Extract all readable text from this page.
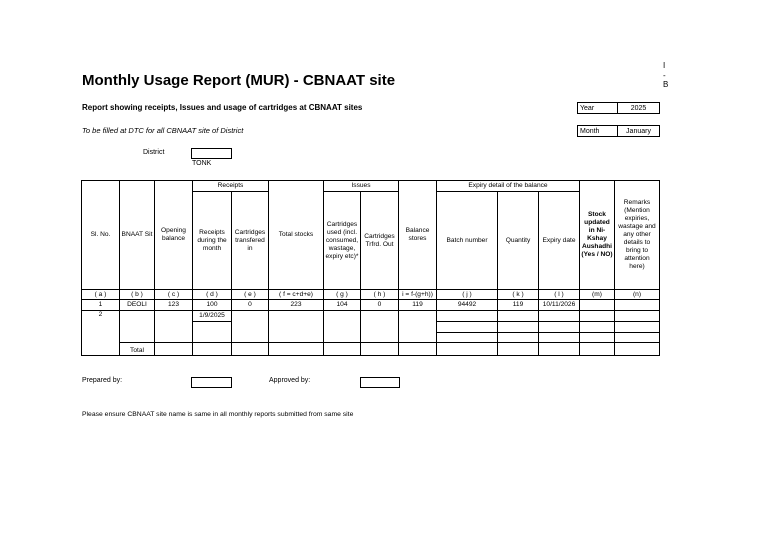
I
-
B
Monthly Usage Report (MUR) - CBNAAT site
Report showing receipts, Issues and usage of cartridges at CBNAAT sites
To be filled at DTC for all CBNAAT site of District
Year	2025
Month	January
District
TONK
Sl. No.	BNAAT Sit	Opening balance	Receipts		Total stocks	Issues		Balance stores	Expiry detail of the balance			Stock updated in Ni-Kshay Aushadhi (Yes / NO)	Remarks (Mention expiries, wastage and any other details to bring to attention here)
			Receipts during the month	Cartridges transfered in		Cartridges used (incl. consumed, wastage, expiry etc)*	Cartridges Trfrd. Out		Batch number	Quantity	Expiry date		
( a )	( b )	( c )	( d )	( e )	( f = c+d+e)	( g )	( h )	i = f-(g+h))	( j )	( k )	( l )	(m)	(n)
1	DEOLI	123	100	0	223	104	0	119	94492	119	10/11/2026		
2			1/9/2025										

	Total												
Prepared by:	Approved by:
Please ensure CBNAAT site name is same in all monthly reports submitted from same site
